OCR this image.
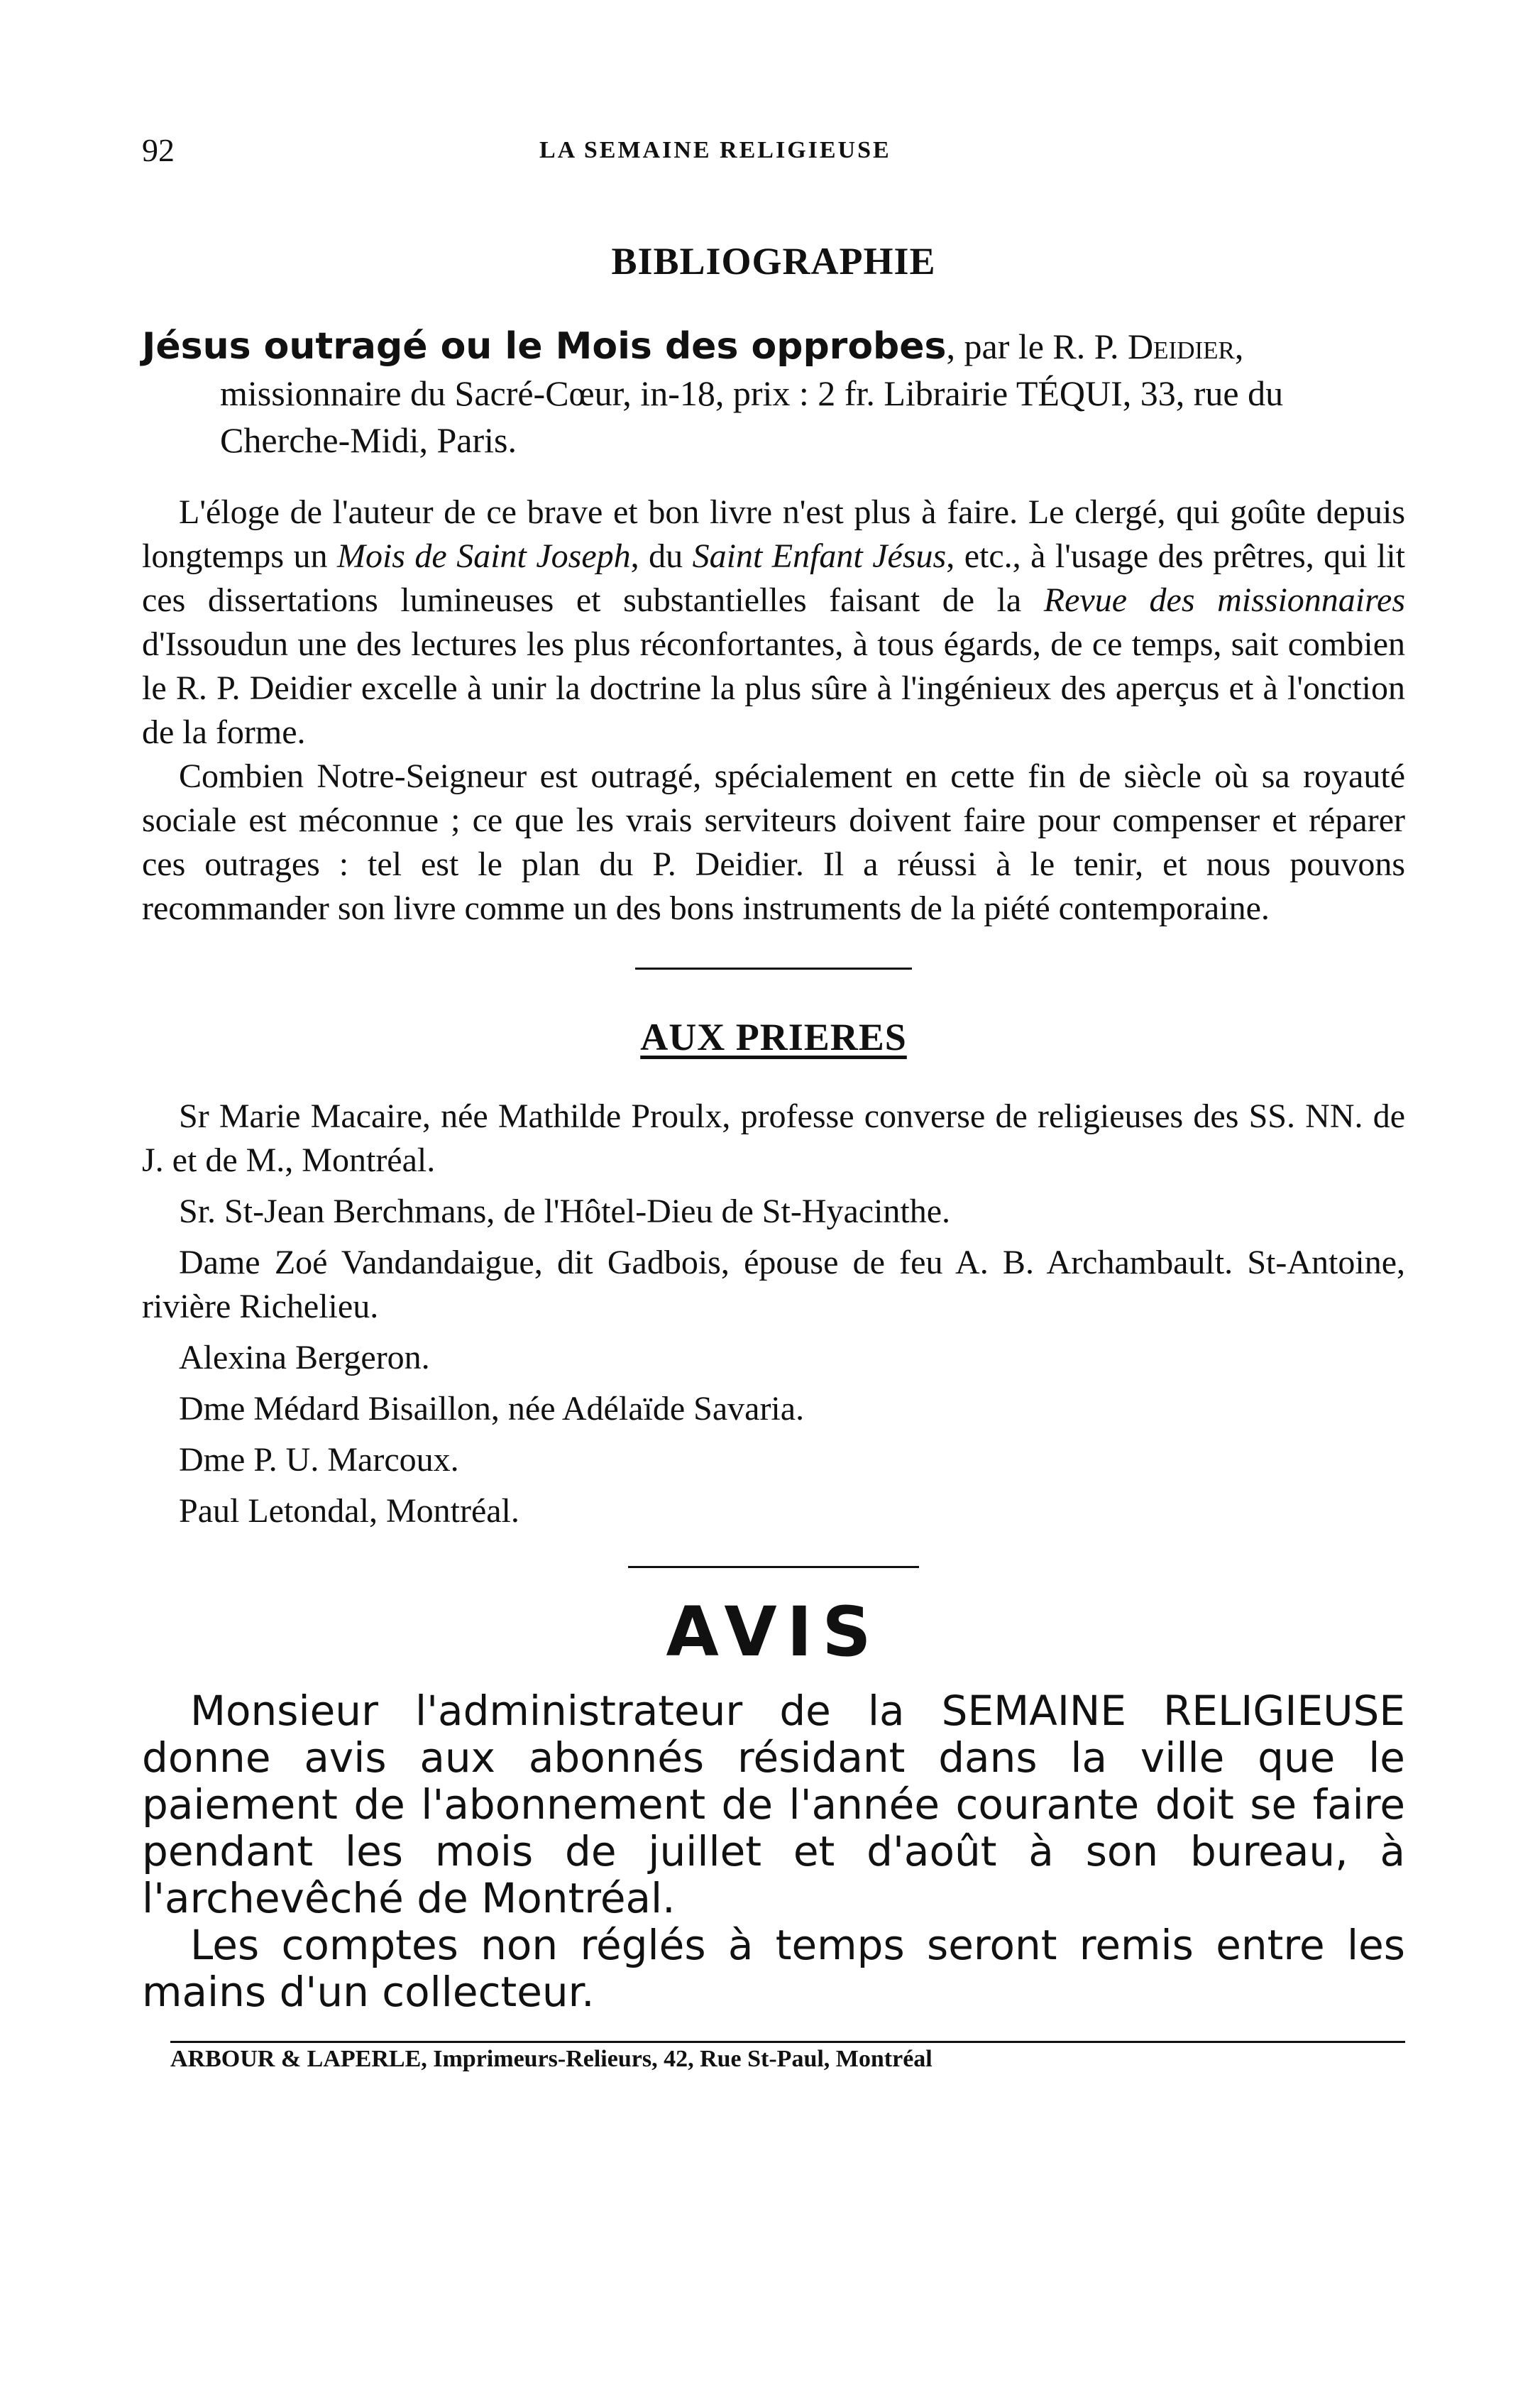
92	LA SEMAINE RELIGIEUSE
BIBLIOGRAPHIE
Jésus outragé ou le Mois des opprobes, par le R. P. Deidier, missionnaire du Sacré-Cœur, in-18, prix : 2 fr. Librairie TÉQUI, 33, rue du Cherche-Midi, Paris.

L'éloge de l'auteur de ce brave et bon livre n'est plus à faire. Le clergé, qui goûte depuis longtemps un Mois de Saint Joseph, du Saint Enfant Jésus, etc., à l'usage des prêtres, qui lit ces dissertations lumineuses et substantielles faisant de la Revue des missionnaires d'Issoudun une des lectures les plus réconfortantes, à tous égards, de ce temps, sait combien le R. P. Deidier excelle à unir la doctrine la plus sûre à l'ingénieux des aperçus et à l'onction de la forme.

Combien Notre-Seigneur est outragé, spécialement en cette fin de siècle où sa royauté sociale est méconnue ; ce que les vrais serviteurs doivent faire pour compenser et réparer ces outrages : tel est le plan du P. Deidier. Il a réussi à le tenir, et nous pouvons recommander son livre comme un des bons instruments de la piété contemporaine.

AUX PRIERES
Sr Marie Macaire, née Mathilde Proulx, professe converse de religieuses des SS. NN. de J. et de M., Montréal.
Sr. St-Jean Berchmans, de l'Hôtel-Dieu de St-Hyacinthe.
Dame Zoé Vandandaigue, dit Gadbois, épouse de feu A. B. Archambault. St-Antoine, rivière Richelieu.
Alexina Bergeron.
Dme Médard Bisaillon, née Adélaïde Savaria.
Dme P. U. Marcoux.
Paul Letondal, Montréal.
AVIS

Monsieur l'administrateur de la SEMAINE RELIGIEUSE donne avis aux abonnés résidant dans la ville que le paiement de l'abonnement de l'année courante doit se faire pendant les mois de juillet et d'août à son bureau, à l'archevêché de Montréal.

Les comptes non réglés à temps seront remis entre les mains d'un collecteur.

ARBOUR & LAPERLE, Imprimeurs-Relieurs, 42, Rue St-Paul, Montréal
